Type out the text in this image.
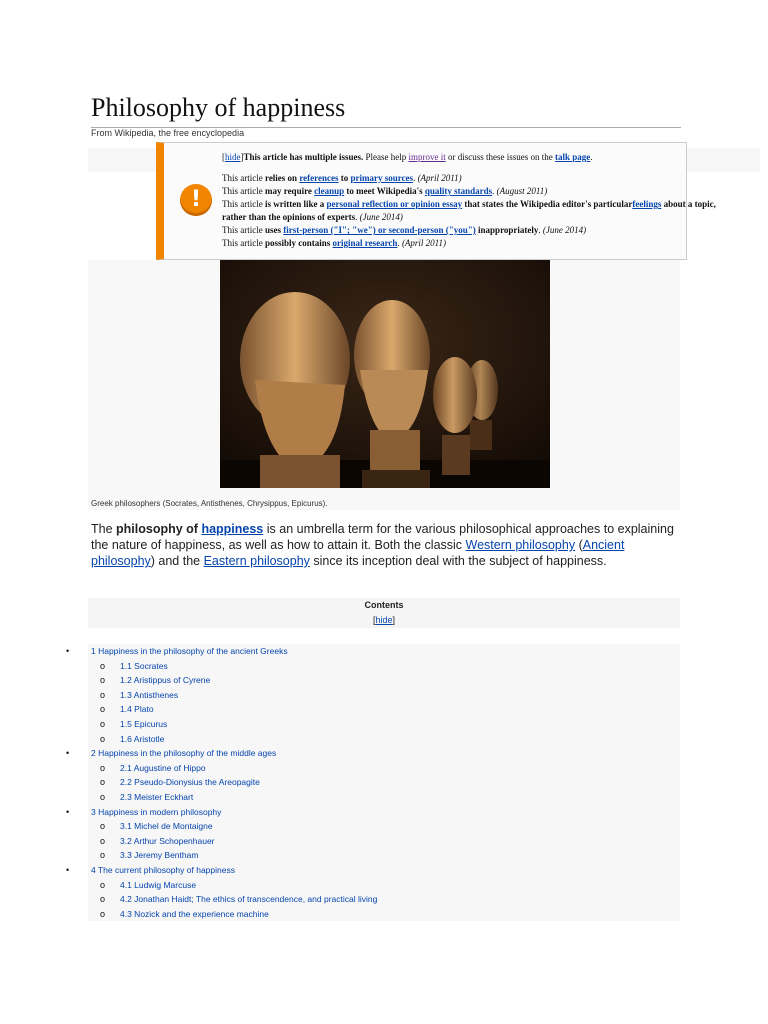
Philosophy of happiness
From Wikipedia, the free encyclopedia
!
[hide]This article has multiple issues. Please help improve it or discuss these issues on the talk page.
This article relies on references to primary sources. (April 2011)
This article may require cleanup to meet Wikipedia's quality standards. (August 2011)
This article is written like a personal reflection or opinion essay that states the Wikipedia editor's particularfeelings about a topic, rather than the opinions of experts. (June 2014)
This article uses first-person ("I"; "we") or second-person ("you") inappropriately. (June 2014)
This article possibly contains original research. (April 2011)
Greek philosophers (Socrates, Antisthenes, Chrysippus, Epicurus).

The philosophy of happiness is an umbrella term for the various philosophical approaches to explaining the nature of happiness, as well as how to attain it. Both the classic Western philosophy (Ancient philosophy) and the Eastern philosophy since its inception deal with the subject of happiness.

Contents
[hide]
•	1 Happiness in the philosophy of the ancient Greeks
o 1.1 Socrates
o 1.2 Aristippus of Cyrene
o 1.3 Antisthenes
o 1.4 Plato
o 1.5 Epicurus
o 1.6 Aristotle
•	2 Happiness in the philosophy of the middle ages
o 2.1 Augustine of Hippo
o 2.2 Pseudo-Dionysius the Areopagite
o 2.3 Meister Eckhart
•	3 Happiness in modern philosophy
o 3.1 Michel de Montaigne
o 3.2 Arthur Schopenhauer
o 3.3 Jeremy Bentham
•	4 The current philosophy of happiness
o 4.1 Ludwig Marcuse
o 4.2 Jonathan Haidt; The ethics of transcendence, and practical living
o 4.3 Nozick and the experience machine
